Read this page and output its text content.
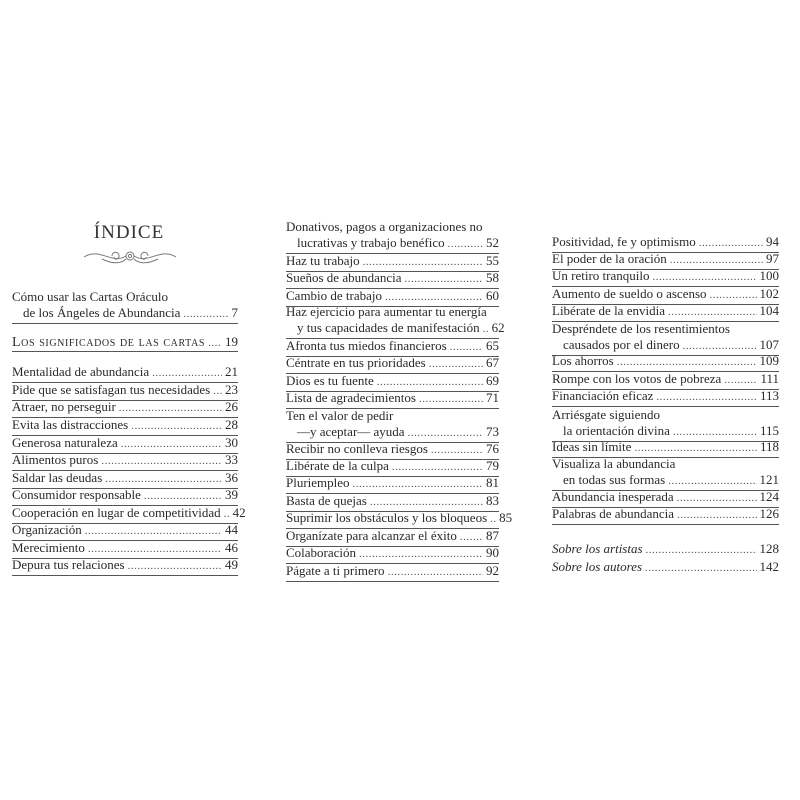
ÍNDICE
Cómo usar las Cartas Oráculo
de los Ángeles de Abundancia .....	7
Los significados de las cartas ..... 19
Mentalidad de abundancia .....	21
Pide que se satisfagan tus necesidades ..... 23
Atraer, no perseguir .....	26
Evita las distracciones .....	28
Generosa naturaleza .....	30
Alimentos puros .....	33
Saldar las deudas .....	36
Consumidor responsable .....	39
Cooperación en lugar de competitividad ..... 42
Organización .....	44
Merecimiento .....	46
Depura tus relaciones .....	49
Donativos, pagos a organizaciones no
lucrativas y trabajo benéfico .....	52
Haz tu trabajo .....	55
Sueños de abundancia .....	58
Cambio de trabajo .....	60
Haz ejercicio para aumentar tu energía
y tus capacidades de manifestación ..... 62
Afronta tus miedos financieros .....	65
Céntrate en tus prioridades .....	67
Dios es tu fuente .....	69
Lista de agradecimientos .....	71
Ten el valor de pedir
—y aceptar— ayuda .....	73
Recibir no conlleva riesgos .....	76
Libérate de la culpa .....	79
Pluriempleo .....	81
Basta de quejas .....	83
Suprimir los obstáculos y los bloqueos ..... 85
Organízate para alcanzar el éxito ..... 87
Colaboración .....	90
Págate a ti primero .....	92
Positividad, fe y optimismo .....	94
El poder de la oración .....	97
Un retiro tranquilo .....	100
Aumento de sueldo o ascenso .....	102
Libérate de la envidia .....	104
Despréndete de los resentimientos
causados por el dinero .....	107
Los ahorros .....	109
Rompe con los votos de pobreza .....	111
Financiación eficaz .....	113
Arriésgate siguiendo
la orientación divina .....	115
Ideas sin límite .....	118
Visualiza la abundancia
en todas sus formas .....	121
Abundancia inesperada .....	124
Palabras de abundancia .....	126
Sobre los artistas .....	128
Sobre los autores .....	142
